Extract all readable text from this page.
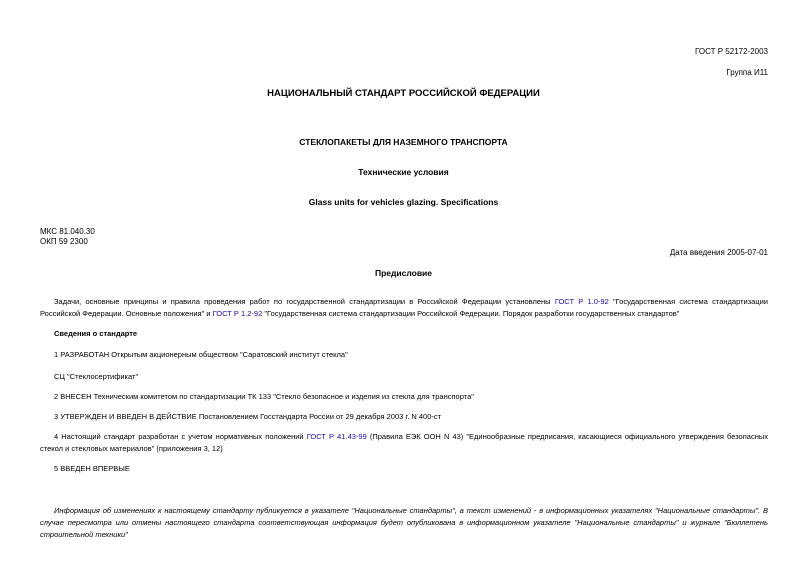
ГОСТ Р 52172-2003
Группа И11
НАЦИОНАЛЬНЫЙ СТАНДАРТ РОССИЙСКОЙ ФЕДЕРАЦИИ
СТЕКЛОПАКЕТЫ ДЛЯ НАЗЕМНОГО ТРАНСПОРТА
Технические условия
Glass units for vehicles glazing. Specifications
МКС 81.040.30
ОКП 59 2300
Дата введения 2005-07-01
Предисловие
Задачи, основные принципы и правила проведения работ по государственной стандартизации в Российской Федерации установлены ГОСТ Р 1.0-92 "Государственная система стандартизации Российской Федерации. Основные положения" и ГОСТ Р 1.2-92 "Государственная система стандартизации Российской Федерации. Порядок разработки государственных стандартов"
Сведения о стандарте
1 РАЗРАБОТАН Открытым акционерным обществом "Саратовский институт стекла"
СЦ "Стеклосертификат"
2 ВНЕСЕН Техническим комитетом по стандартизации ТК 133 "Стекло безопасное и изделия из стекла для транспорта"
3 УТВЕРЖДЕН И ВВЕДЕН В ДЕЙСТВИЕ Постановлением Госстандарта России от 29 декабря 2003 г. N 400-ст
4 Настоящий стандарт разработан с учетом нормативных положений ГОСТ Р 41.43-99 (Правила ЕЭК ООН N 43) "Единообразные предписания, касающиеся официального утверждения безопасных стекол и стекловых материалов" (приложения 3, 12)
5 ВВЕДЕН ВПЕРВЫЕ
Информация об изменениях к настоящему стандарту публикуется в указателе "Национальные стандарты", а текст изменений - в информационных указателях "Национальные стандарты". В случае пересмотра или отмены настоящего стандарта соответствующая информация будет опубликована в информационном указателе "Национальные стандарты" и журнале "Бюллетень строительной техники"
